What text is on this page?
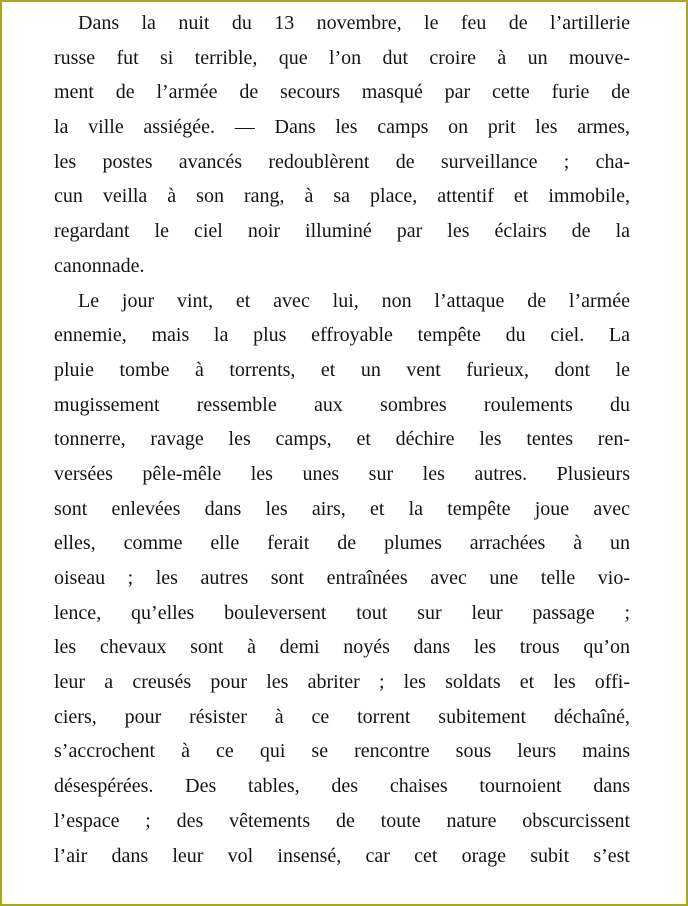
Dans la nuit du 13 novembre, le feu de l’artillerie
russe fut si terrible, que l’on dut croire à un mouve-
ment de l’armée de secours masqué par cette furie de
la ville assiégée. — Dans les camps on prit les armes,
les postes avancés redoublèrent de surveillance ; cha-
cun veilla à son rang, à sa place, attentif et immobile,
regardant le ciel noir illuminé par les éclairs de la
canonnade.
Le jour vint, et avec lui, non l’attaque de l’armée
ennemie, mais la plus effroyable tempête du ciel. La
pluie tombe à torrents, et un vent furieux, dont le
mugissement ressemble aux sombres roulements du
tonnerre, ravage les camps, et déchire les tentes ren-
versées pêle-mêle les unes sur les autres. Plusieurs
sont enlevées dans les airs, et la tempête joue avec
elles, comme elle ferait de plumes arrachées à un
oiseau ; les autres sont entraînées avec une telle vio-
lence, qu’elles bouleversent tout sur leur passage ;
les chevaux sont à demi noyés dans les trous qu’on
leur a creusés pour les abriter ; les soldats et les offi-
ciers, pour résister à ce torrent subitement déchaîné,
s’accrochent à ce qui se rencontre sous leurs mains
désespérées. Des tables, des chaises tournoient dans
l’espace ; des vêtements de toute nature obscurcissent
l’air dans leur vol insensé, car cet orage subit s’est
